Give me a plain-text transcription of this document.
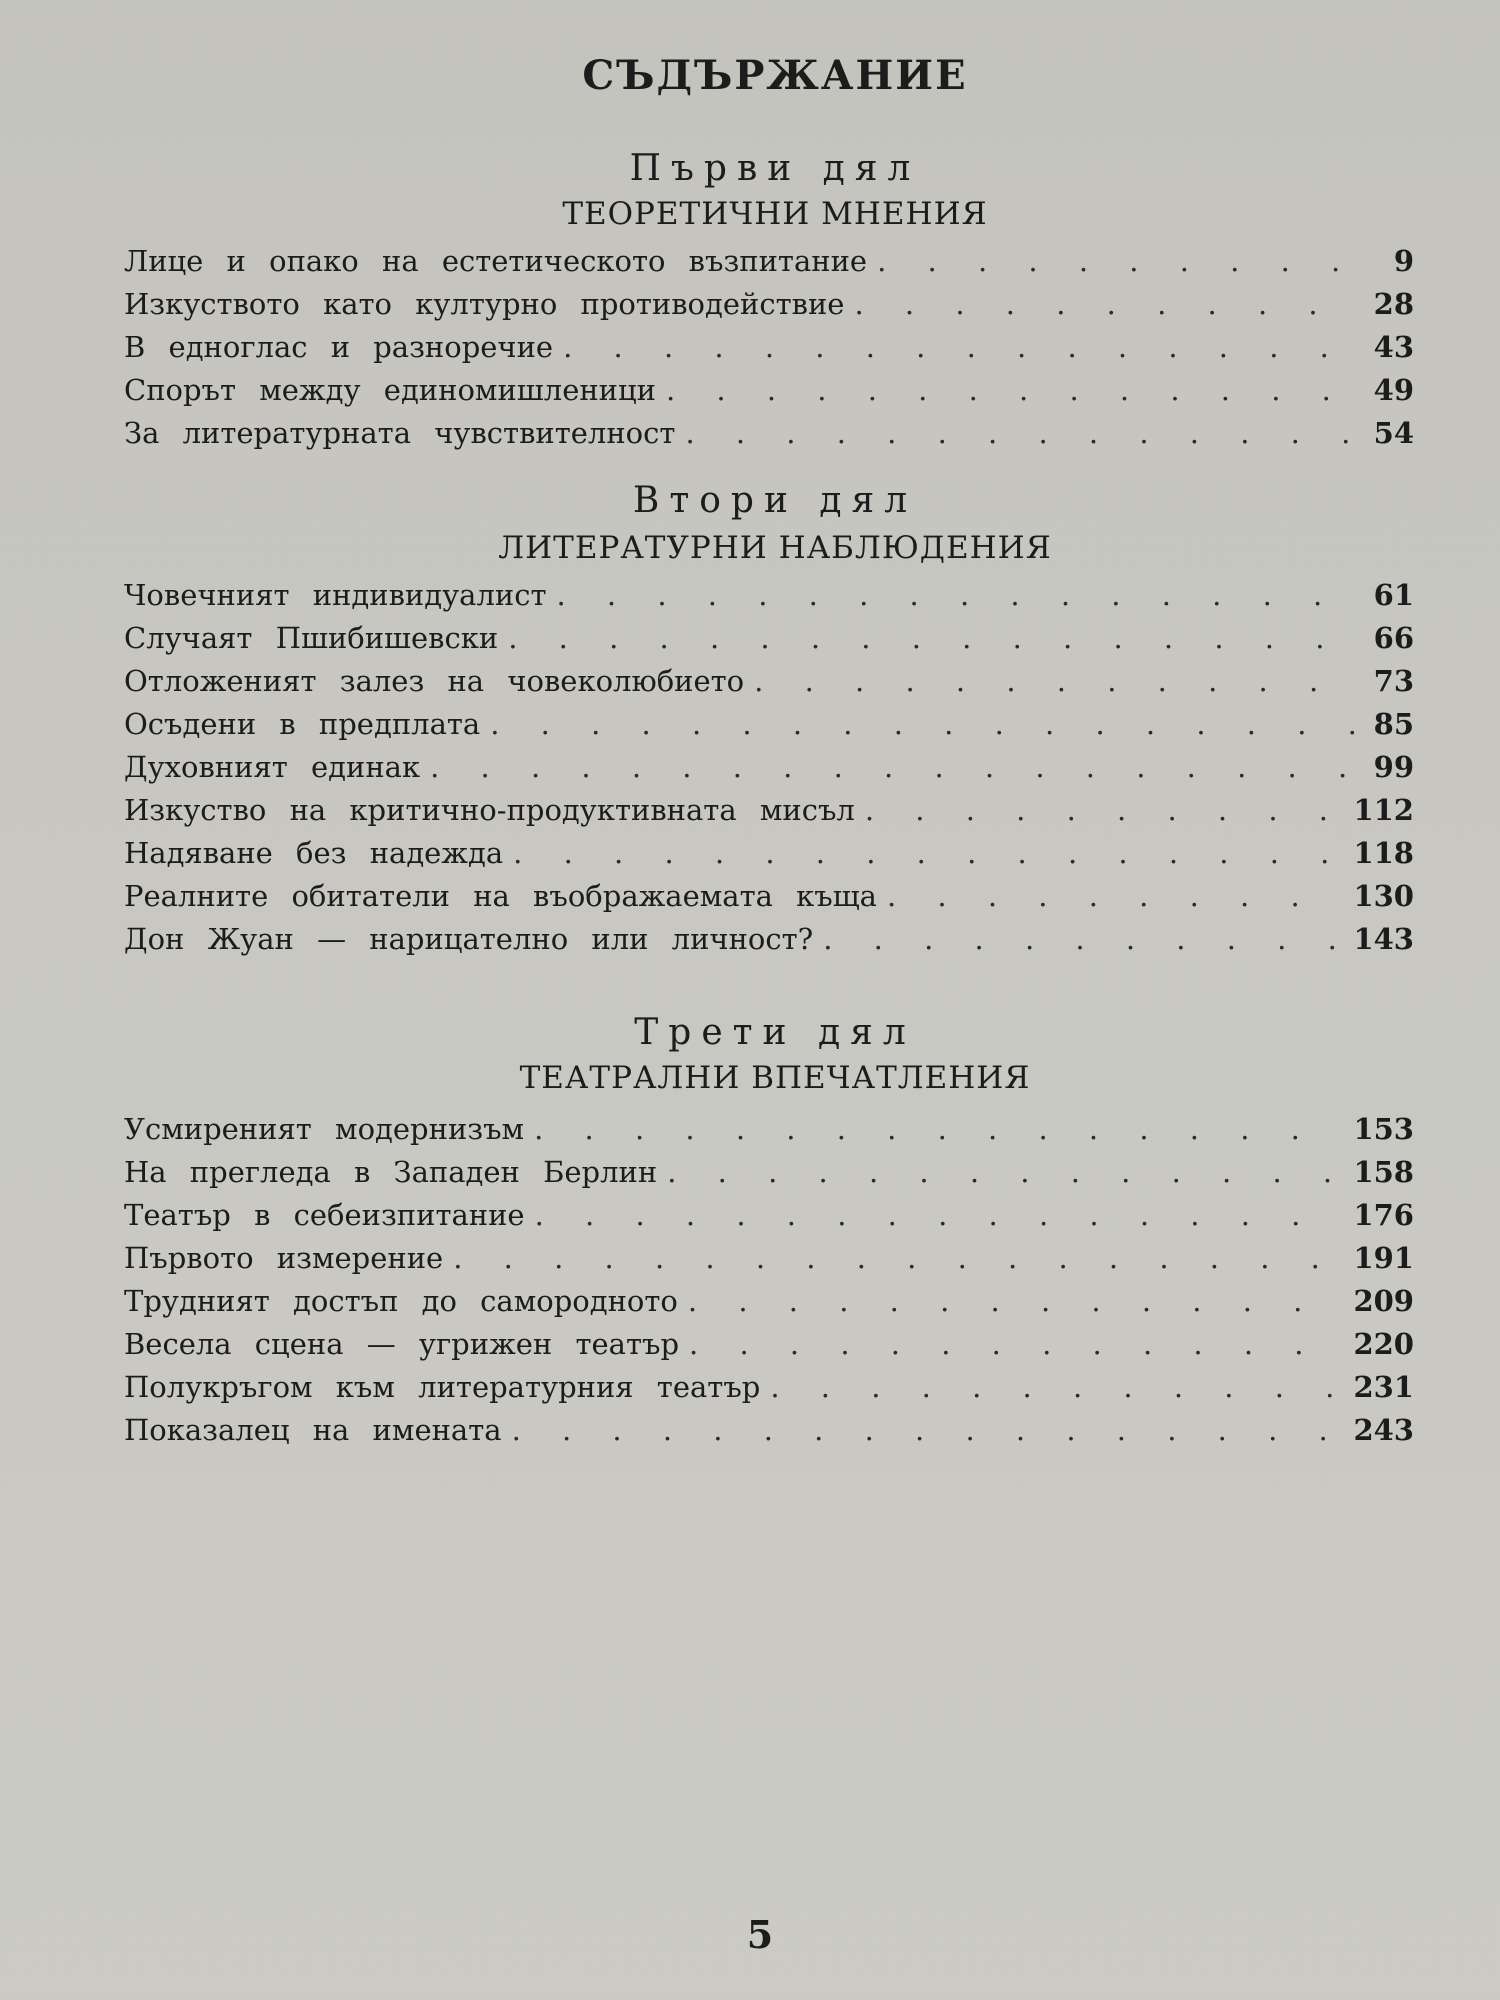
СЪДЪРЖАНИЕ
Първи дял
ТЕОРЕТИЧНИ МНЕНИЯ
Лице и опако на естетическото възпитание . . .	9
Изкуството като културно противодействие . . .	28
В едноглас и разноречие . . .	43
Спорът между единомишленици . . .	49
За литературната чувствителност . . .	54
Втори дял
ЛИТЕРАТУРНИ НАБЛЮДЕНИЯ
Човечният индивидуалист . . .	61
Случаят Пшибишевски . . .	66
Отложеният залез на човеколюбието . . .	73
Осъдени в предплата . . .	85
Духовният единак . . .	99
Изкуство на критично-продуктивната мисъл . . .	112
Надяване без надежда . . .	118
Реалните обитатели на въображаемата къща . . .	130
Дон Жуан — нарицателно или личност? . . .	143
Трети дял
ТЕАТРАЛНИ ВПЕЧАТЛЕНИЯ
Усмиреният модернизъм . . .	153
На прегледа в Западен Берлин . . .	158
Театър в себеизпитание . . .	176
Първото измерение . . .	191
Трудният достъп до самородното . . .	209
Весела сцена — угрижен театър . . .	220
Полукръгом към литературния театър . . .	231
Показалец на имената . . .	243
5
